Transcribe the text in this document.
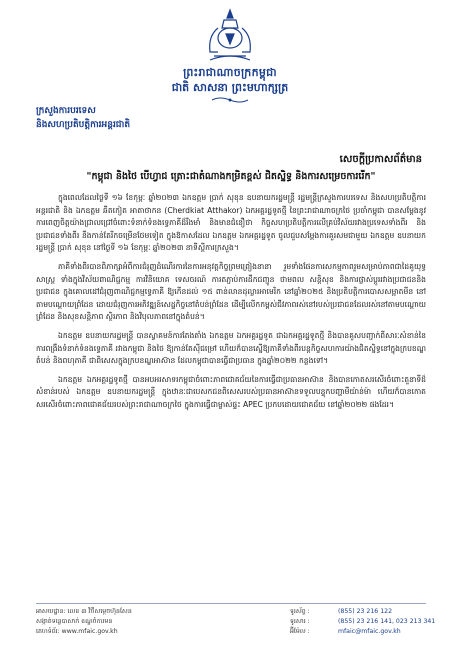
ព្រះរាជាណាចក្រកម្ពុជា
ជាតិ សាសនា ព្រះមហាក្សត្រ
ក្រសួងការបរទេស
និងសហប្រតិបត្តិការអន្តរជាតិ
សេចក្តីប្រកាសព័ត៌មាន
"កម្ពុជា និងថៃ បើហ្វាជ ត្រោះជាតំណាងកម្រិតខ្ពស់ ជិតស្និទ្ធ និងការសម្រេចការរើក"

ក្នុងពេលដែលថ្ងៃទី ១៦ ខែកុម្ភៈ ឆ្នាំ២០២៣ ឯកឧត្តម ប្រាក់ សុខុន ឧបនាយករដ្ឋមន្ត្រី រដ្ឋមន្ត្រីក្រសួងការបរទេស និងសហប្រតិបត្តិការអន្តរជាតិ និង ឯកឧត្តម ឆឺតកៀត អាតាថាកន (Cherdkiat Atthakor) ឯកអគ្គរដ្ឋទូតថ្មី នៃព្រះរាជាណាចក្រថៃ ប្រចាំកម្ពុជា បានសម្តែងនូវការពេញចិត្តយ៉ាងជ្រាលជ្រៅចំពោះទំនាក់ទំនងទ្វេភាគីដ៏រឹងមាំ និងមានជំនឿថា កិច្ចសហប្រតិបត្តិការលើគ្រប់វិស័យរវាងប្រទេសទាំងពីរ និងប្រជាជនទាំងពីរ នឹងកាន់តែរីកចម្រើនថែមទៀត ក្នុងឱកាសដែល ឯកឧត្តម ឯកអគ្គរដ្ឋទូត ចូលជួបសម្តែងការគួរសមជាមួយ ឯកឧត្តម ឧបនាយករដ្ឋមន្ត្រី ប្រាក់ សុខុន នៅថ្ងៃទី ១៦ ខែកុម្ភៈ ឆ្នាំ២០២៣ នាទីស្តីការក្រសួង។

ភាគីទាំងពីរបានពិភាក្សាអំពីការជំរុញដំណើរការនៃការអនុវត្តកិច្ចព្រមព្រៀងនានា រួមទាំងផែនការសកម្មភាពរួមសម្រាប់ភាពជាដៃគូយុទ្ធសាស្ត្រ ទាំងក្នុងវិស័យពាណិជ្ជកម្ម ការវិនិយោគ ទេសចរណ៍ ការតភ្ជាប់ការដឹកជញ្ជូន ថាមពល សន្តិសុខ និងការផ្លាស់ប្តូររវាងប្រជាជននិងប្រជាជន ក្នុងគោលដៅជំរុញពាណិជ្ជកម្មទ្វេភាគី ឱ្យកើនដល់ ១៥ ពាន់លានដុល្លារអាមេរិក នៅឆ្នាំ២០២៥ និងប្រតិបត្តិការបោសសម្អាតមីន នៅតាមបណ្តោយព្រំដែន ដោយជំរុញការអភិវឌ្ឍន៍សេដ្ឋកិច្ចនៅតំបន់ព្រំដែន ដើម្បីលើកកម្ពស់ជីវភាពរស់នៅរបស់ប្រជាជនដែលរស់នៅតាមបណ្តោយព្រំដែន និងសុខសន្តិភាព ស្ថិរភាព និងវិបុលភាពនៅក្នុងតំបន់។

ឯកឧត្តម ឧបនាយករដ្ឋមន្ត្រី បានស្វាគមន៍ការតែងតាំង ឯកឧត្តម ឯកអគ្គរដ្ឋទូត ជាឯកអគ្គរដ្ឋទូតថ្មី និងបានគូសបញ្ជាក់ពីសារៈសំខាន់នៃការពង្រឹងទំនាក់ទំនងទ្វេភាគី រវាងកម្ពុជា និងថៃ ឱ្យកាន់តែស៊ីជម្រៅ ហើយក៏បានស្នើឱ្យភាគីទាំងពីរបន្តកិច្ចសហការយ៉ាងជិតស្និទ្ធនៅក្នុងក្របខណ្ឌតំបន់ និងពហុភាគី ជាពិសេសក្នុងក្របខណ្ឌអាស៊ាន ដែលកម្ពុជាបានធ្វើជាប្រធាន ក្នុងឆ្នាំ២០២២ កន្លងទៅ។

ឯកឧត្តម ឯកអគ្គរដ្ឋទូតថ្មី បានអបអរសាទរកម្ពុជាចំពោះភាពជោគជ័យនៃការធ្វើជាប្រធានអាស៊ាន និងបានកោតសរសើរចំពោះតួនាទីដ៏សំខាន់របស់ ឯកឧត្តម ឧបនាយករដ្ឋមន្ត្រី ក្នុងឋានៈជាបេសកជនពិសេសរបស់ប្រធានអាស៊ានទទួលបន្ទុកបញ្ហាមីយ៉ាន់ម៉ា ហើយក៏បានកោតសរសើរចំពោះភាពជោគជ័យរបស់ព្រះរាជាណាចក្រថៃ ក្នុងការធ្វើជាម្ចាស់ផ្ទះ APEC ប្រកបដោយជោគជ័យ នៅឆ្នាំ២០២២ ផងដែរ។

អាសយដ្ឋាន: លេខ ៣ វិថីសម្តេចហ៊ុនសែន
សង្កាត់ទន្លេបាសាក់ ខណ្ឌចំការមន
គេហទំព័រ: www.mfaic.gov.kh
ទូរស័ព្ទ :	(855) 23 216 122
ទូរសារ :	(855) 23 216 141, 023 213 341
អ៊ីម៉ែល :	mfaic@mfaic.gov.kh
